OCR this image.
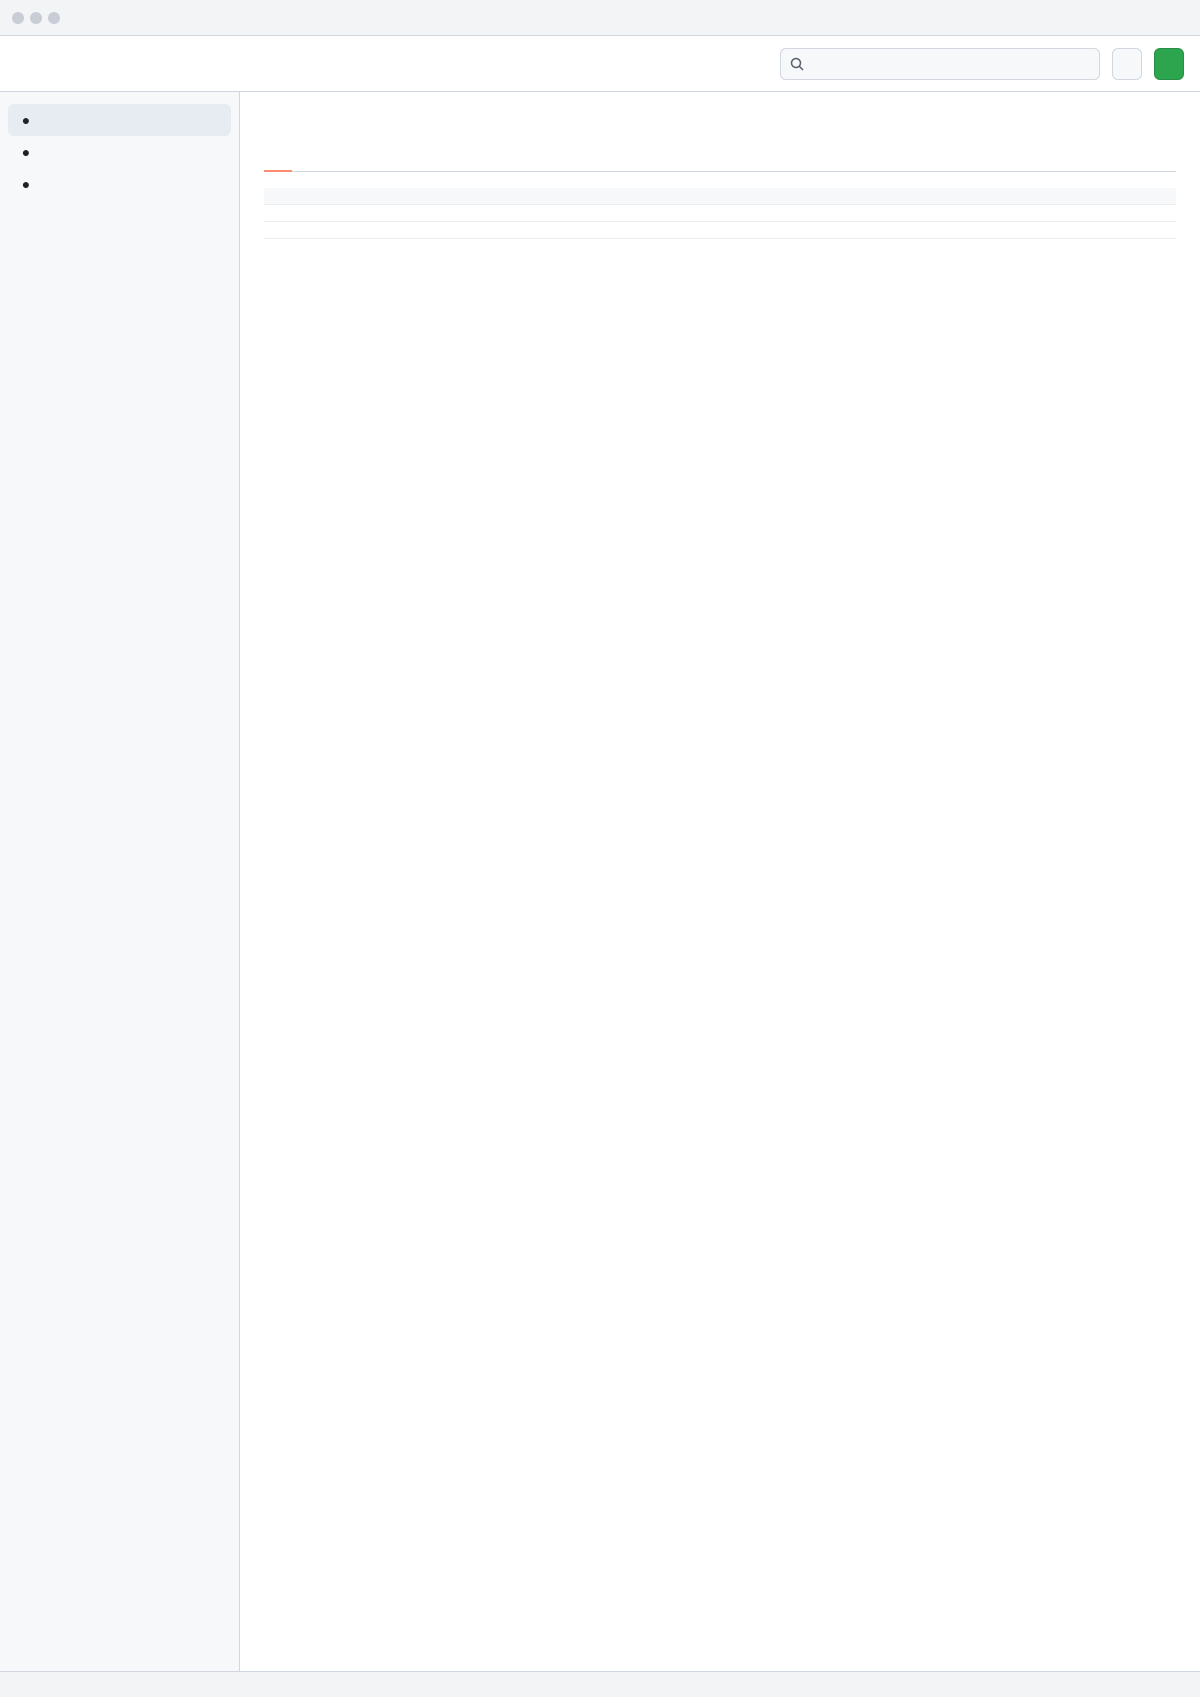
●
●
●
